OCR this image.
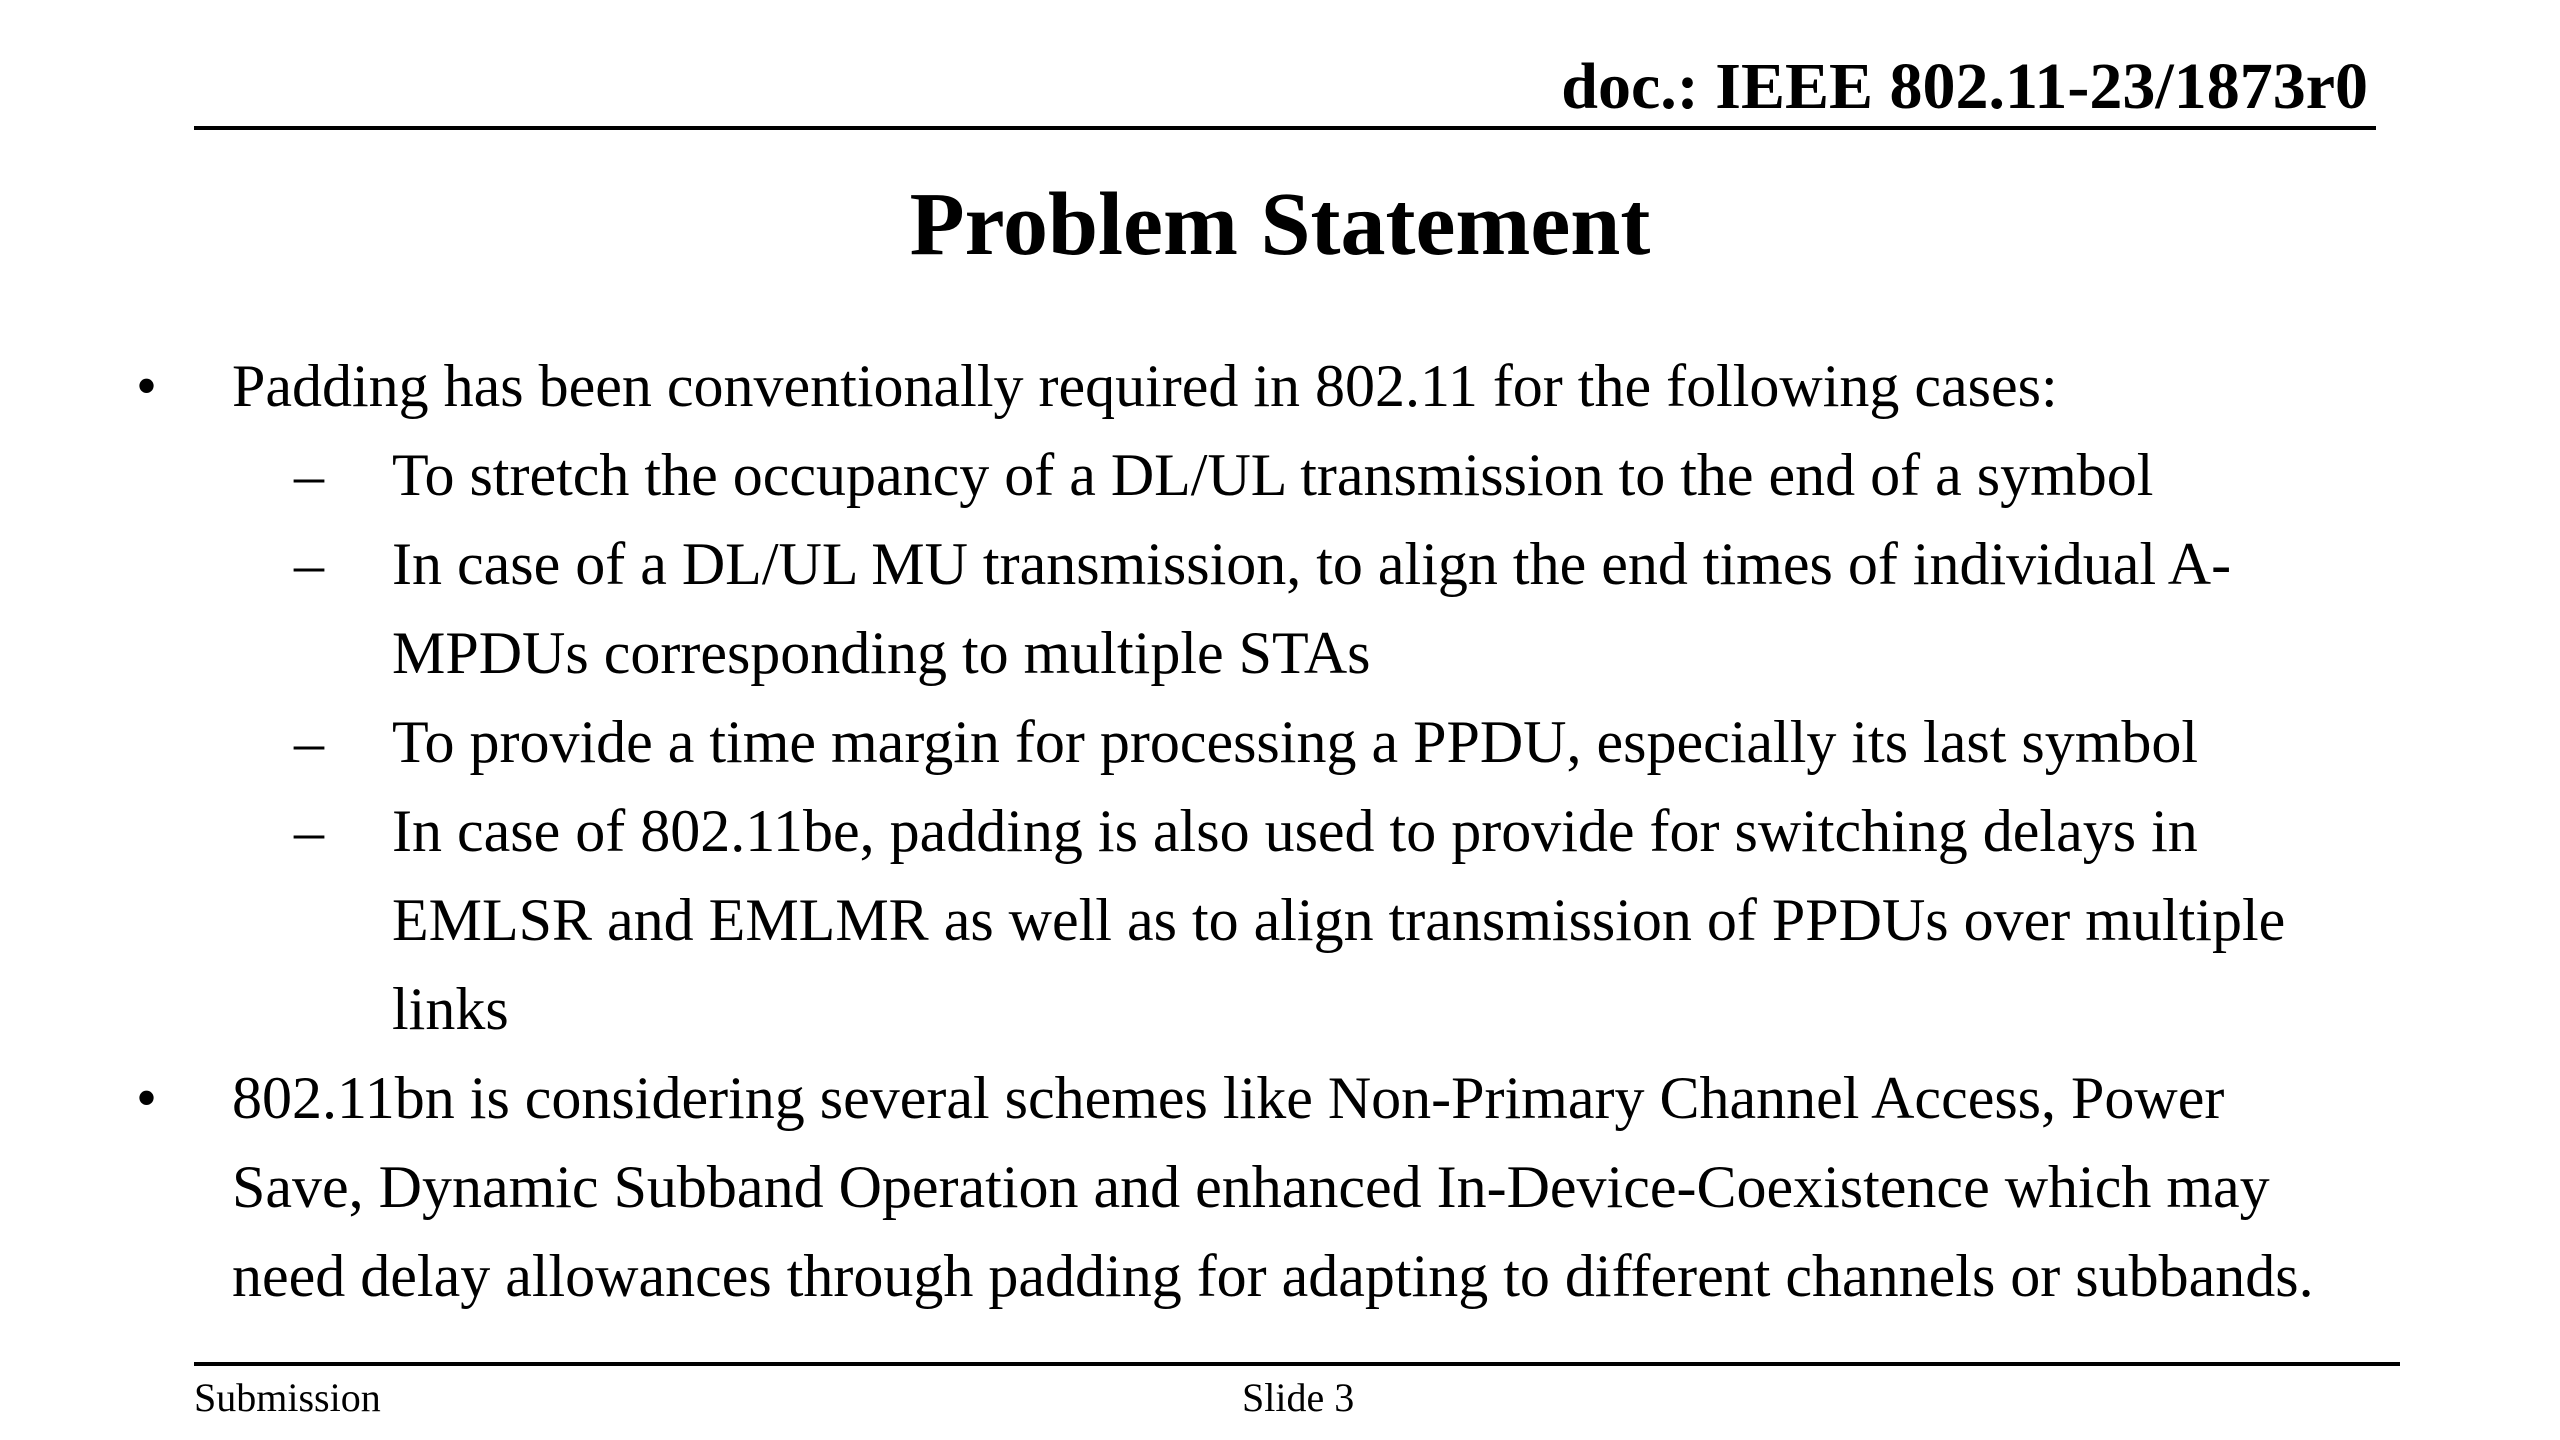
doc.: IEEE 802.11-23/1873r0
Problem Statement
• Padding has been conventionally required in 802.11 for the following cases:
– To stretch the occupancy of a DL/UL transmission to the end of a symbol
– In case of a DL/UL MU transmission, to align the end times of individual A-
MPDUs corresponding to multiple STAs
– To provide a time margin for processing a PPDU, especially its last symbol
– In case of 802.11be, padding is also used to provide for switching delays in
EMLSR and EMLMR as well as to align transmission of PPDUs over multiple
links
• 802.11bn is considering several schemes like Non-Primary Channel Access, Power
Save, Dynamic Subband Operation and enhanced In-Device-Coexistence which may
need delay allowances through padding for adapting to different channels or subbands.
Submission	Slide 3
